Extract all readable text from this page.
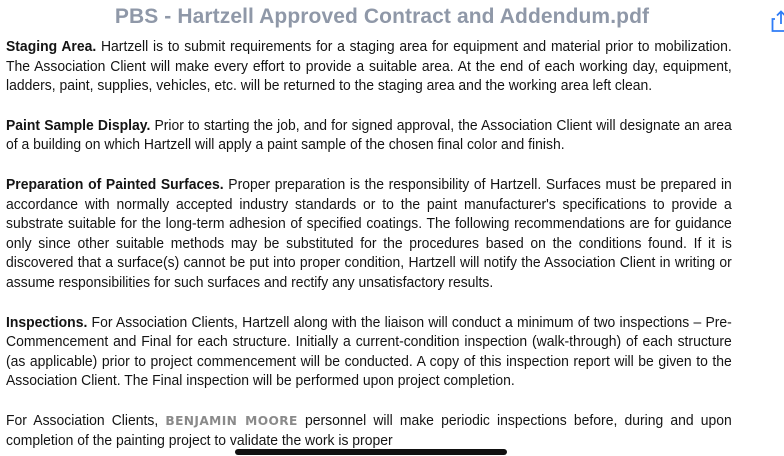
PBS - Hartzell Approved Contract and Addendum.pdf

Staging Area. Hartzell is to submit requirements for a staging area for equipment and material prior to mobilization. The Association Client will make every effort to provide a suitable area. At the end of each working day, equipment, ladders, paint, supplies, vehicles, etc. will be returned to the staging area and the working area left clean.

Paint Sample Display. Prior to starting the job, and for signed approval, the Association Client will designate an area of a building on which Hartzell will apply a paint sample of the chosen final color and finish.

Preparation of Painted Surfaces. Proper preparation is the responsibility of Hartzell. Surfaces must be prepared in accordance with normally accepted industry standards or to the paint manufacturer's specifications to provide a substrate suitable for the long-term adhesion of specified coatings. The following recommendations are for guidance only since other suitable methods may be substituted for the procedures based on the conditions found. If it is discovered that a surface(s) cannot be put into proper condition, Hartzell will notify the Association Client in writing or assume responsibilities for such surfaces and rectify any unsatisfactory results.

Inspections. For Association Clients, Hartzell along with the liaison will conduct a minimum of two inspections – Pre-Commencement and Final for each structure. Initially a current-condition inspection (walk-through) of each structure (as applicable) prior to project commencement will be conducted. A copy of this inspection report will be given to the Association Client. The Final inspection will be performed upon project completion.

For Association Clients, BENJAMIN MOORE personnel will make periodic inspections before, during and upon completion of the painting project to validate the work is proper
